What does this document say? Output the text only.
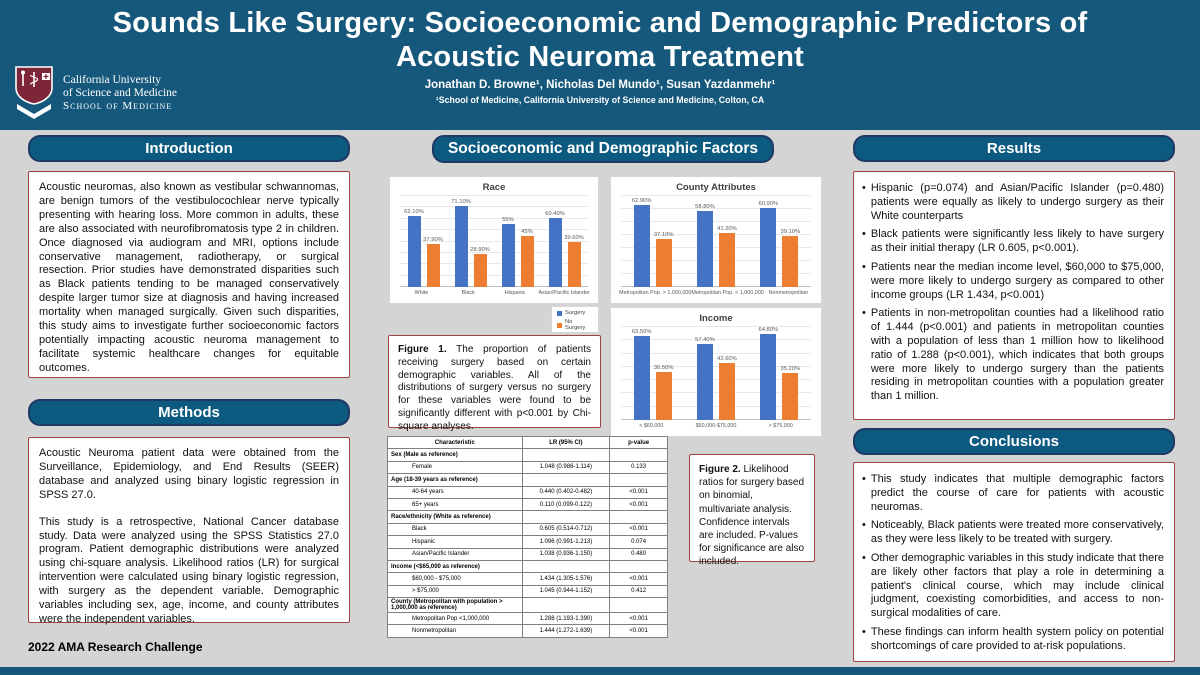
Sounds Like Surgery: Socioeconomic and Demographic Predictors of
Acoustic Neuroma Treatment
California University
of Science and Medicine
School of Medicine
Jonathan D. Browne¹, Nicholas Del Mundo¹, Susan Yazdanmehr¹
¹School of Medicine, California University of Science and Medicine, Colton, CA
Introduction
Acoustic neuromas, also known as vestibular schwannomas, are benign tumors of the vestibulocochlear nerve typically presenting with hearing loss. More common in adults, these are also associated with neurofibromatosis type 2 in children. Once diagnosed via audiogram and MRI, options include conservative management, radiotherapy, or surgical resection. Prior studies have demonstrated disparities such as Black patients tending to be managed conservatively despite larger tumor size at diagnosis and having increased mortality when managed surgically. Given such disparities, this study aims to investigate further socioeconomic factors potentially impacting acoustic neuroma management to facilitate systemic healthcare changes for equitable outcomes.
Methods
Acoustic Neuroma patient data were obtained from the Surveillance, Epidemiology, and End Results (SEER) database and analyzed using binary logistic regression in SPSS 27.0.
This study is a retrospective, National Cancer database study. Data were analyzed using the SPSS Statistics 27.0 program. Patient demographic distributions were analyzed using chi-square analysis. Likelihood ratios (LR) for surgical intervention were calculated using binary logistic regression, with surgery as the dependent variable. Demographic variables including sex, age, income, and county attributes were the independent variables.
2022 AMA Research Challenge
Socioeconomic and Demographic Factors
Race
62.10%
37.90%
71.10%
28.90%
55%
45%
60.40%
39.60%
White	Black	Hispanic	Asian/Pacific Islander
County Attributes
62.90%
37.10%
58.80%
41.20%
60.90%
39.10%
Metropolitan Pop. > 1,000,000 Metropolitan Pop. < 1,000,000 Nonmetropolitan
Income
63.50%
36.50%
57.40%
42.60%
64.80%
35.20%
< $60,000	$60,000-$75,000	> $75,000
Surgery
No Surgery
Figure 1. The proportion of patients receiving surgery based on certain demographic variables. All of the distributions of surgery versus no surgery for these variables were found to be significantly different with p<0.001 by Chi-square analyses.
Characteristic	LR (95% CI)	p-value
Sex (Male as reference)		
Female	1.048 (0.986-1.114)	0.133
Age (18-39 years as reference)		
40-64 years	0.440 (0.402-0.482)	<0.001
65+ years	0.110 (0.099-0.122)	<0.001
Race/ethnicity (White as reference)		
Black	0.605 (0.514-0.712)	<0.001
Hispanic	1.096 (0.991-1.213)	0.074
Asian/Pacific Islander	1.038 (0.936-1.150)	0.480
Income (<$65,000 as reference)		
$60,000 - $75,000	1.434 (1.305-1.576)	<0.001
> $75,000	1.045 (0.944-1.152)	0.412
County (Metropolitan with population > 1,000,000 as reference)		
Metropolitan Pop <1,000,000	1.288 (1.193-1.390)	<0.001
Nonmetropolitan	1.444 (1.272-1.639)	<0.001
Figure 2. Likelihood ratios for surgery based on binomial, multivariate analysis. Confidence intervals are included. P-values for significance are also included.
Results
• Hispanic (p=0.074) and Asian/Pacific Islander (p=0.480) patients were equally as likely to undergo surgery as their White counterparts
• Black patients were significantly less likely to have surgery as their initial therapy (LR 0.605, p<0.001).
• Patients near the median income level, $60,000 to $75,000, were more likely to undergo surgery as compared to other income groups (LR 1.434, p<0.001)
• Patients in non-metropolitan counties had a likelihood ratio of 1.444 (p<0.001) and patients in metropolitan counties with a population of less than 1 million how to likelihood ratio of 1.288 (p<0.001), which indicates that both groups were more likely to undergo surgery than the patients residing in metropolitan counties with a population greater than 1 million.
Conclusions
• This study indicates that multiple demographic factors predict the course of care for patients with acoustic neuromas.
• Noticeably, Black patients were treated more conservatively, as they were less likely to be treated with surgery.
• Other demographic variables in this study indicate that there are likely other factors that play a role in determining a patient's clinical course, which may include clinical judgment, coexisting comorbidities, and access to non-surgical modalities of care.
• These findings can inform health system policy on potential shortcomings of care provided to at-risk populations.
